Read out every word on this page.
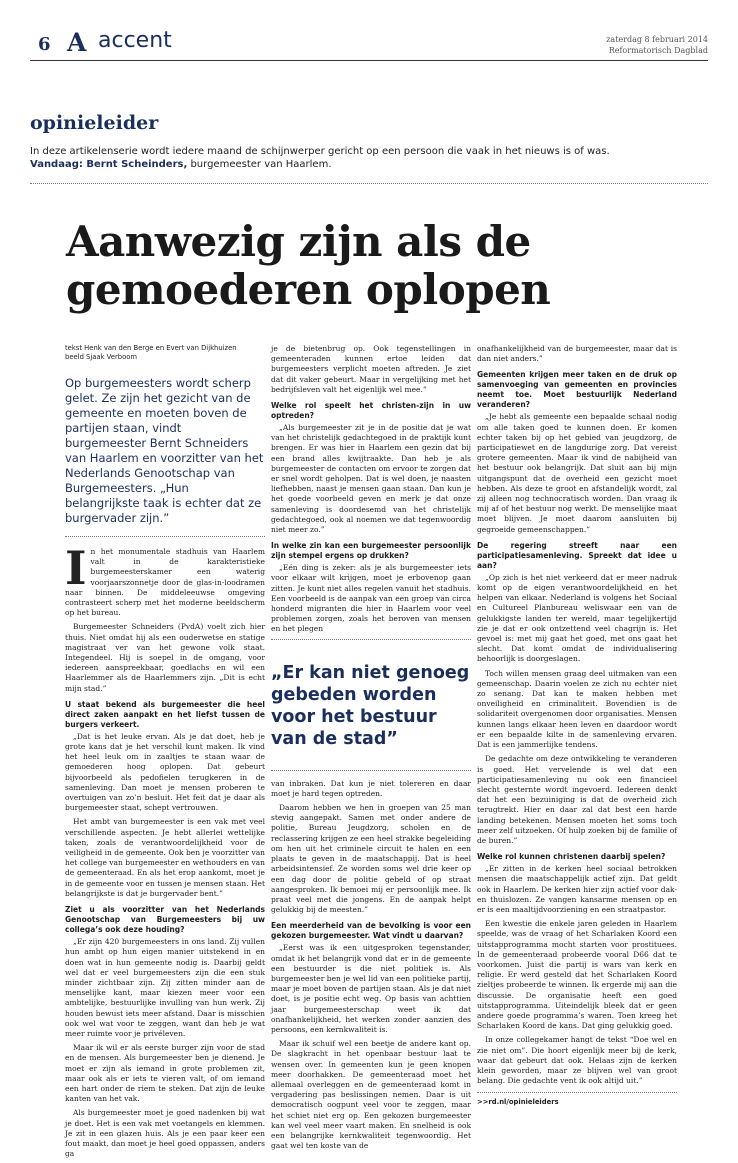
6 A accent	zaterdag 8 februari 2014
Reformatorisch Dagblad
opinieleider
In deze artikelenserie wordt iedere maand de schijnwerper gericht op een persoon die vaak in het nieuws is of was.
Vandaag: Bernt Scheinders, burgemeester van Haarlem.
Aanwezig zijn als de gemoederen oplopen
tekst Henk van den Berge en Evert van Dijkhuizen
beeld Sjaak Verboom
Op burgemeesters wordt scherp gelet. Ze zijn het gezicht van de gemeente en moeten boven de partijen staan, vindt burgemeester Bernt Schneiders van Haarlem en voorzitter van het Nederlands Genootschap van Burgemeesters. „Hun belangrijkste taak is echter dat ze burgervader zijn.”
I n het monumentale stadhuis van Haarlem valt in de karakteristieke burgemeesterskamer een waterig voorjaarszonnetje door de glas-in-loodramen naar binnen. De middeleeuwse omgeving contrasteert scherp met het moderne beeldscherm op het bureau.

Burgemeester Schneiders (PvdA) voelt zich hier thuis. Niet omdat hij als een ouderwetse en statige magistraat ver van het gewone volk staat. Integendeel. Hij is soepel in de omgang, voor iedereen aanspreekbaar, goedlachs en wil een Haarlemmer als de Haarlemmers zijn. „Dit is echt mijn stad.”

U staat bekend als burgemeester die heel direct zaken aanpakt en het liefst tussen de burgers verkeert.

„Dat is het leuke ervan. Als je dat doet, heb je grote kans dat je het verschil kunt maken. Ik vind het heel leuk om in zaaltjes te staan waar de gemoederen hoog oplopen. Dat gebeurt bijvoorbeeld als pedofielen terugkeren in de samenleving. Dan moet je mensen proberen te overtuigen van zo’n besluit. Het feit dat je daar als burgemeester staat, schept vertrouwen.

Het ambt van burgemeester is een vak met veel verschillende aspecten. Je hebt allerlei wettelijke taken, zoals de verantwoordelijkheid voor de veiligheid in de gemeente. Ook ben je voorzitter van het college van burgemeester en wethouders en van de gemeenteraad. En als het erop aankomt, moet je in de gemeente voor en tussen je mensen staan. Het belangrijkste is dat je burgervader bent.”

Ziet u als voorzitter van het Nederlands Genootschap van Burgemeesters bij uw collega’s ook deze houding?

„Er zijn 420 burgemeesters in ons land. Zij vullen hun ambt op hun eigen manier uitstekend in en doen wat in hun gemeente nodig is. Daarbij geldt wel dat er veel burgemeesters zijn die een stuk minder zichtbaar zijn. Zij zitten minder aan de menselijke kant, maar kiezen meer voor een ambtelijke, bestuurlijke invulling van hun werk. Zij houden bewust iets meer afstand. Daar is misschien ook wel wat voor te zeggen, want dan heb je wat meer ruimte voor je privéleven.

Maar ik wil er als eerste burger zijn voor de stad en de mensen. Als burgemeester ben je dienend. Je moet er zijn als iemand in grote problemen zit, maar ook als er iets te vieren valt, of om iemand een hart onder de riem te steken. Dat zijn de leuke kanten van het vak.

Als burgemeester moet je goed nadenken bij wat je doet. Het is een vak met voetangels en klemmen. Je zit in een glazen huis. Als je een paar keer een fout maakt, dan moet je heel goed oppassen, anders ga

je de bietenbrug op. Ook tegenstellingen in gemeenteraden kunnen ertoe leiden dat burgemeesters verplicht moeten aftreden. Je ziet dat dit vaker gebeurt. Maar in vergelijking met het bedrijfsleven valt het eigenlijk wel mee.”

Welke rol speelt het christen-zijn in uw optreden?

„Als burgemeester zit je in de positie dat je wat van het christelijk gedachtegoed in de praktijk kunt brengen. Er was hier in Haarlem een gezin dat bij een brand alles kwijtraakte. Dan heb je als burgemeester de contacten om ervoor te zorgen dat er snel wordt geholpen. Dat is wel doen, je naasten liefhebben, naast je mensen gaan staan. Dan kun je het goede voorbeeld geven en merk je dat onze samenleving is doordesemd van het christelijk gedachtegoed, ook al noemen we dat tegenwoordig niet meer zo.”

In welke zin kan een burgemeester persoonlijk zijn stempel ergens op drukken?

„Eén ding is zeker: als je als burgemeester iets voor elkaar wilt krijgen, moet je erbovenop gaan zitten. Je kunt niet alles regelen vanuit het stadhuis. Een voorbeeld is de aanpak van een groep van circa honderd migranten die hier in Haarlem voor veel problemen zorgen, zoals het beroven van mensen en het plegen

„Er kan niet genoeg gebeden worden voor het bestuur van de stad”

van inbraken. Dat kun je niet tolereren en daar moet je hard tegen optreden.

Daarom hebben we hen in groepen van 25 man stevig aangepakt. Samen met onder andere de politie, Bureau Jeugdzorg, scholen en de reclassering krijgen ze een heel strakke begeleiding om hen uit het criminele circuit te halen en een plaats te geven in de maatschappij. Dat is heel arbeidsintensief. Ze worden soms wel drie keer op een dag door de politie gebeld of op straat aangesproken. Ik bemoei mij er persoonlijk mee. Ik praat veel met die jongens. En de aanpak helpt gelukkig bij de meesten.”

Een meerderheid van de bevolking is voor een gekozen burgemeester. Wat vindt u daarvan?

„Eerst was ik een uitgesproken tegenstander, omdat ik het belangrijk vond dat er in de gemeente een bestuurder is die niet politiek is. Als burgemeester ben je wel lid van een politieke partij, maar je moet boven de partijen staan. Als je dat niet doet, is je positie echt weg. Op basis van achttien jaar burgemeesterschap weet ik dat onafhankelijkheid, het werken zonder aanzien des persoons, een kernkwaliteit is.

Maar ik schuif wel een beetje de andere kant op. De slagkracht in het openbaar bestuur laat te wensen over. In gemeenten kun je geen knopen meer doorhakken. De gemeenteraad moet het allemaal overleggen en de gemeenteraad komt in vergadering pas beslissingen nemen. Daar is uit democratisch oogpunt veel voor te zeggen, maar het schiet niet erg op. Een gekozen burgemeester kan wel veel meer vaart maken. En snelheid is ook een belangrijke kernkwaliteit tegenwoordig. Het gaat wel ten koste van de

onafhankelijkheid van de burgemeester, maar dat is dan niet anders.”

Gemeenten krijgen meer taken en de druk op samenvoeging van gemeenten en provincies neemt toe. Moet bestuurlijk Nederland veranderen?

„Je hebt als gemeente een bepaalde schaal nodig om alle taken goed te kunnen doen. Er komen echter taken bij op het gebied van jeugdzorg, de participatiewet en de langdurige zorg. Dat vereist grotere gemeenten. Maar ik vind de nabijheid van het bestuur ook belangrijk. Dat sluit aan bij mijn uitgangspunt dat de overheid een gezicht moet hebben. Als deze te groot en afstandelijk wordt, zal zij alleen nog technocratisch worden. Dan vraag ik mij af of het bestuur nog werkt. De menselijke maat moet blijven. Je moet daarom aansluiten bij gegroeide gemeenschappen.”

De regering streeft naar een participatiesamenleving. Spreekt dat idee u aan?

„Op zich is het niet verkeerd dat er meer nadruk komt op de eigen verantwoordelijkheid en het helpen van elkaar. Nederland is volgens het Sociaal en Cultureel Planbureau weliswaar een van de gelukkigste landen ter wereld, maar tegelijkertijd zie je dat er ook ontzettend veel chagrijn is. Het gevoel is: met mij gaat het goed, met ons gaat het slecht. Dat komt omdat de individualisering behoorlijk is doorgeslagen.

Toch willen mensen graag deel uitmaken van een gemeenschap. Daarin voelen ze zich nu echter niet zo senang. Dat kan te maken hebben met onveiligheid en criminaliteit. Bovendien is de solidariteit overgenomen door organisaties. Mensen kunnen langs elkaar heen leven en daardoor wordt er een bepaalde kilte in de samenleving ervaren. Dat is een jammerlijke tendens.

De gedachte om deze ontwikkeling te veranderen is goed. Het vervelende is wel dat een participatiesamenleving nu ook een financieel slecht gesternte wordt ingevoerd. Iedereen denkt dat het een bezuiniging is dat de overheid zich terugtrekt. Hier en daar zal dat best een harde landing betekenen. Mensen moeten het soms toch meer zelf uitzoeken. Of hulp zoeken bij de familie of de buren.”

Welke rol kunnen christenen daarbij spelen?

„Er zitten in de kerken heel sociaal betrokken mensen die maatschappelijk actief zijn. Dat geldt ook in Haarlem. De kerken hier zijn actief voor dak- en thuislozen. Ze vangen kansarme mensen op en er is een maaltijdvoorziening en een straatpastor.

Een kwestie die enkele jaren geleden in Haarlem speelde, was de vraag of het Scharlaken Koord een uitstapprogramma mocht starten voor prostituees. In de gemeenteraad probeerde vooral D66 dat te voorkomen. Juist die partij is wars van kerk en religie. Er werd gesteld dat het Scharlaken Koord zieltjes probeerde te winnen. Ik ergerde mij aan die discussie. De organisatie heeft een goed uitstapprogramma. Uiteindelijk bleek dat er geen andere goede programma’s waren. Toen kreeg het Scharlaken Koord de kans. Dat ging gelukkig goed.

In onze collegekamer hangt de tekst “Doe wel en zie niet om”. Die hoort eigenlijk meer bij de kerk, waar dat gebeurt dat ook. Helaas zijn de kerken klein geworden, maar ze blijven wel van groot belang. Die gedachte vent ik ook altijd uit.”

>>rd.nl/opinieleiders
